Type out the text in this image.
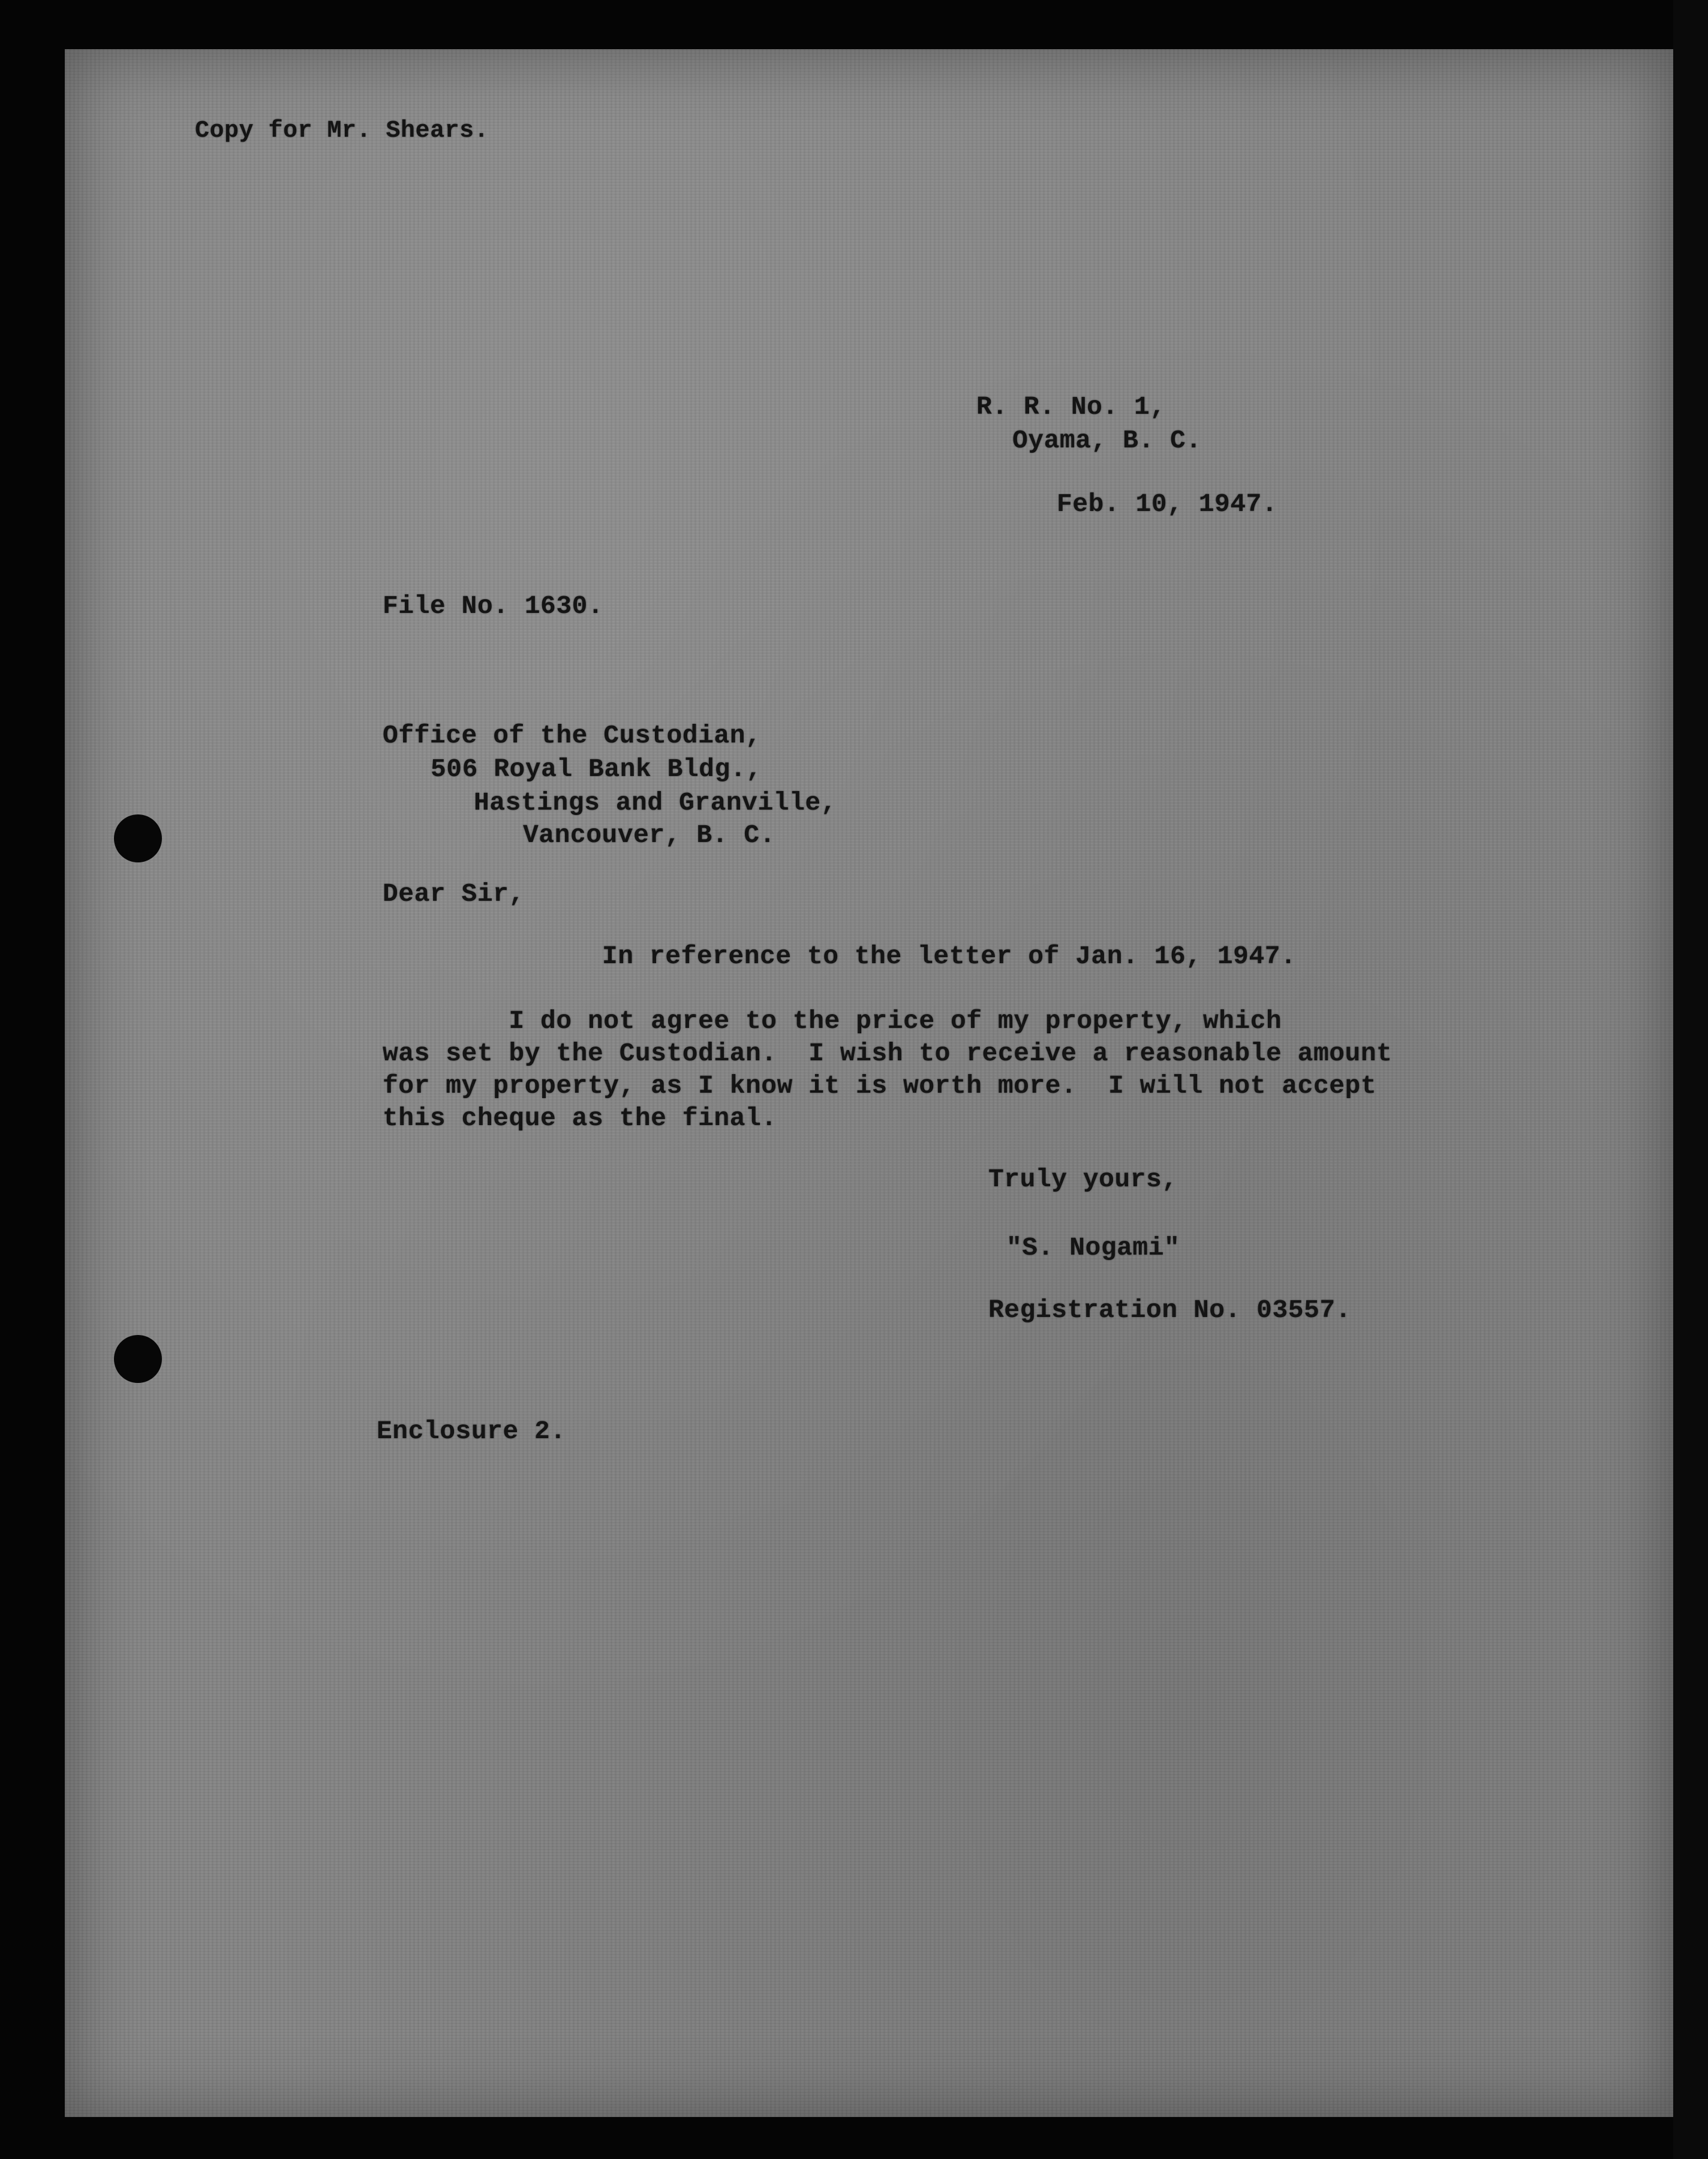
Copy for Mr. Shears.

R. R. No. 1,

Oyama, B. C.

Feb. 10, 1947.

File No. 1630.

Office of the Custodian,

506 Royal Bank Bldg.,

Hastings and Granville,

Vancouver, B. C.

Dear Sir,

In reference to the letter of Jan. 16, 1947.

I do not agree to the price of my property, which

was set by the Custodian.  I wish to receive a reasonable amount

for my property, as I know it is worth more.  I will not accept

this cheque as the final.

Truly yours,

"S. Nogami"

Registration No. 03557.

Enclosure 2.
